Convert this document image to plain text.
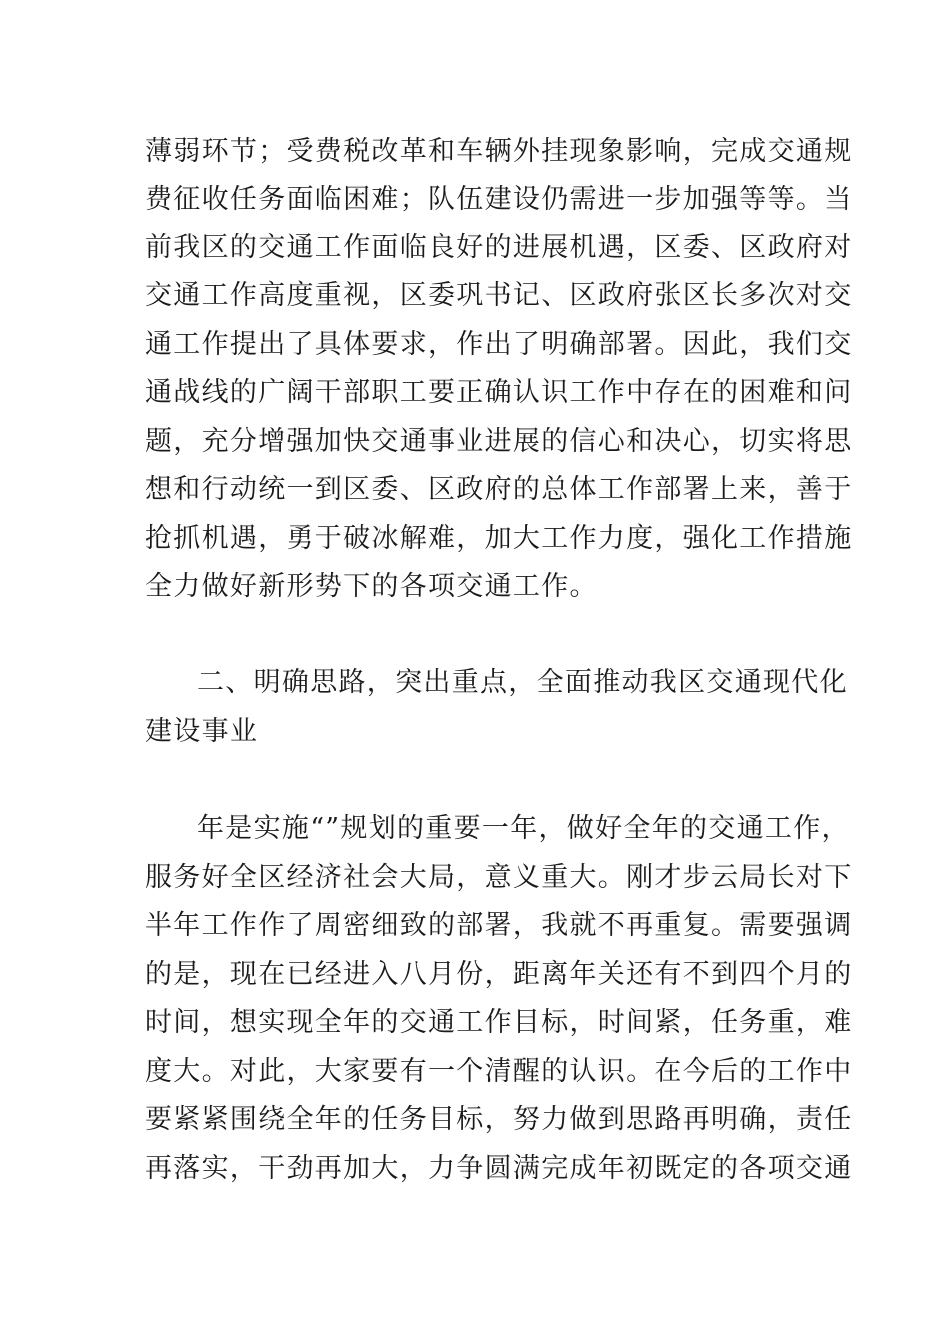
薄弱环节；受费税改革和车辆外挂现象影响，完成交通规
费征收任务面临困难；队伍建设仍需进一步加强等等。当
前我区的交通工作面临良好的进展机遇，区委、区政府对
交通工作高度重视，区委巩书记、区政府张区长多次对交
通工作提出了具体要求，作出了明确部署。因此，我们交
通战线的广阔干部职工要正确认识工作中存在的困难和问
题，充分增强加快交通事业进展的信心和决心，切实将思
想和行动统一到区委、区政府的总体工作部署上来，善于
抢抓机遇，勇于破冰解难，加大工作力度，强化工作措施
全力做好新形势下的各项交通工作。
二、明确思路，突出重点，全面推动我区交通现代化
建设事业
年是实施“”规划的重要一年，做好全年的交通工作，
服务好全区经济社会大局，意义重大。刚才步云局长对下
半年工作作了周密细致的部署，我就不再重复。需要强调
的是，现在已经进入八月份，距离年关还有不到四个月的
时间，想实现全年的交通工作目标，时间紧，任务重，难
度大。对此，大家要有一个清醒的认识。在今后的工作中
要紧紧围绕全年的任务目标，努力做到思路再明确，责任
再落实，干劲再加大，力争圆满完成年初既定的各项交通
